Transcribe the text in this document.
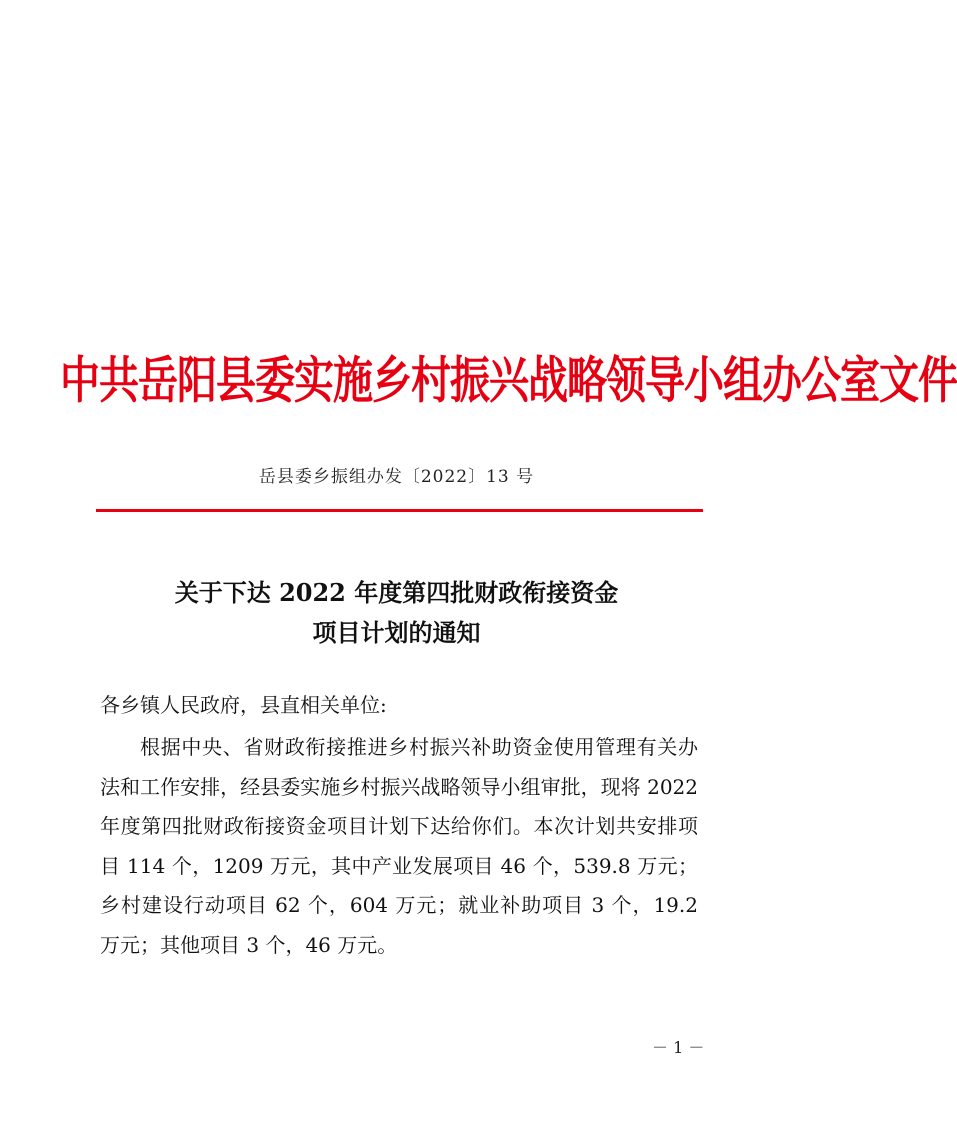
中共岳阳县委实施乡村振兴战略领导小组办公室文件
岳县委乡振组办发〔2022〕13 号
关于下达 2022 年度第四批财政衔接资金
项目计划的通知
各乡镇人民政府，县直相关单位:

根据中央、省财政衔接推进乡村振兴补助资金使用管理有关办法和工作安排，经县委实施乡村振兴战略领导小组审批，现将 2022 年度第四批财政衔接资金项目计划下达给你们。本次计划共安排项目 114 个，1209 万元，其中产业发展项目 46 个，539.8 万元；乡村建设行动项目 62 个，604 万元；就业补助项目 3 个，19.2 万元；其他项目 3 个，46 万元。

－ 1 －
